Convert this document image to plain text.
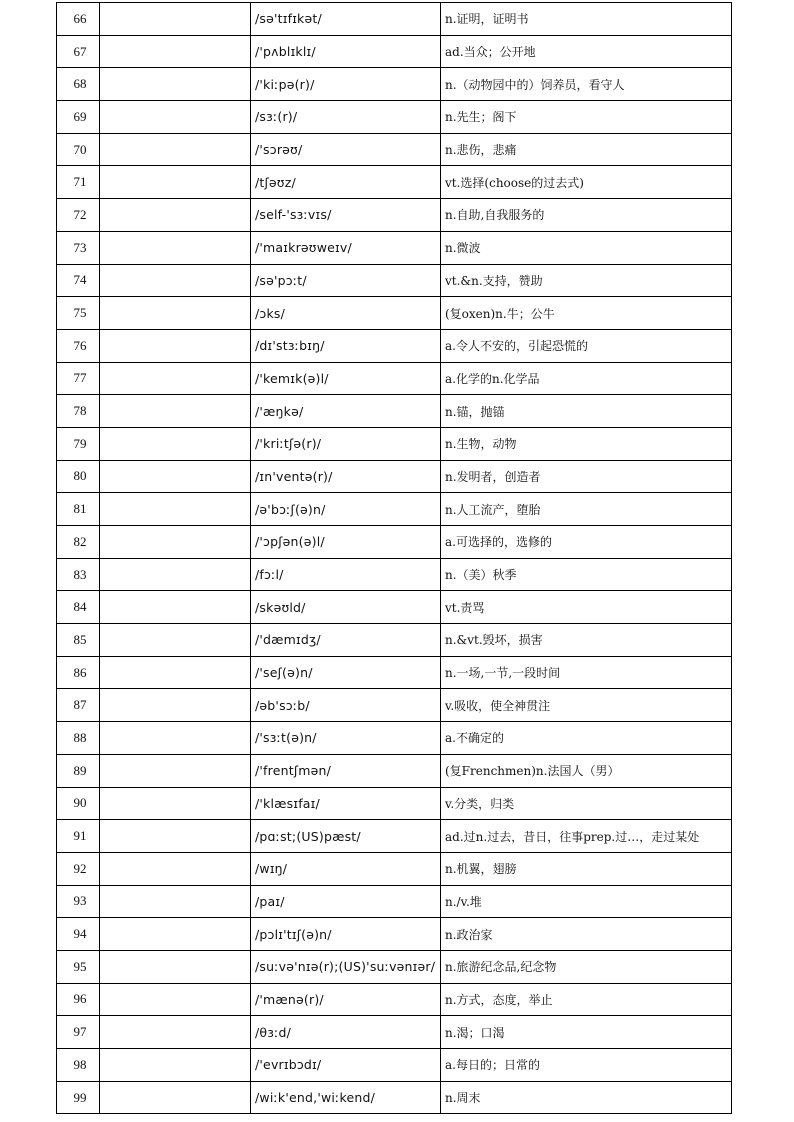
66		/sə'tɪfɪkət/	n.证明，证明书
67		/'pʌblɪklɪ/	ad.当众；公开地
68		/'kiːpə(r)/	n.（动物园中的）饲养员，看守人
69		/sɜː(r)/	n.先生；阁下
70		/'sɔrəʊ/	n.悲伤，悲痛
71		/tʃəʊz/	vt.选择(choose的过去式)
72		/self-'sɜːvɪs/	n.自助,自我服务的
73		/'maɪkrəʊweɪv/	n.微波
74		/sə'pɔːt/	vt.&n.支持，赞助
75		/ɔks/	(复oxen)n.牛；公牛
76		/dɪ'stɜːbɪŋ/	a.令人不安的，引起恐慌的
77		/'kemɪk(ə)l/	a.化学的n.化学品
78		/'æŋkə/	n.锚，抛锚
79		/'kriːtʃə(r)/	n.生物，动物
80		/ɪn'ventə(r)/	n.发明者，创造者
81		/ə'bɔːʃ(ə)n/	n.人工流产，堕胎
82		/'ɔpʃən(ə)l/	a.可选择的，选修的
83		/fɔːl/	n.（美）秋季
84		/skəʊld/	vt.责骂
85		/'dæmɪdʒ/	n.&vt.毁坏，损害
86		/'seʃ(ə)n/	n.一场,一节,一段时间
87		/əb'sɔːb/	v.吸收，使全神贯注
88		/'sɜːt(ə)n/	a.不确定的
89		/'frentʃmən/	(复Frenchmen)n.法国人（男）
90		/'klæsɪfaɪ/	v.分类，归类
91		/pɑːst;(US)pæst/	ad.过n.过去，昔日，往事prep.过…，走过某处
92		/wɪŋ/	n.机翼，翅膀
93		/paɪ/	n./v.堆
94		/pɔlɪ'tɪʃ(ə)n/	n.政治家
95		/suːvə'nɪə(r);(US)'suːvənɪər/	n.旅游纪念品,纪念物
96		/'mænə(r)/	n.方式，态度，举止
97		/θɜːd/	n.渴；口渴
98		/'evrɪbɔdɪ/	a.每日的；日常的
99		/wiːk'end,'wiːkend/	n.周末
